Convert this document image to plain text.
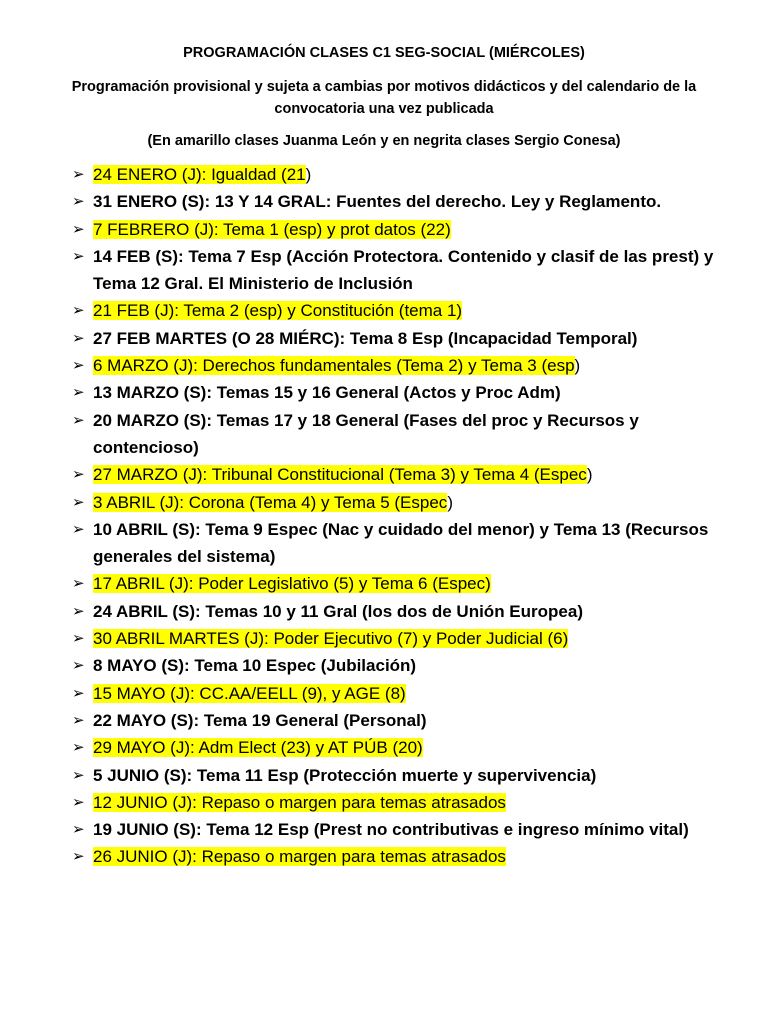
PROGRAMACIÓN CLASES C1 SEG-SOCIAL (MIÉRCOLES)
Programación provisional y sujeta a cambias por motivos didácticos y del calendario de la convocatoria una vez publicada
(En amarillo clases Juanma León y en negrita clases Sergio Conesa)
➢ 24 ENERO (J): Igualdad (21)
➢ 31 ENERO (S): 13 Y 14 GRAL: Fuentes del derecho. Ley y Reglamento.
➢ 7 FEBRERO (J): Tema 1 (esp) y prot datos (22)
➢ 14 FEB (S): Tema 7 Esp (Acción Protectora. Contenido y clasif de las prest) y Tema 12 Gral. El Ministerio de Inclusión
➢ 21 FEB (J): Tema 2 (esp) y Constitución (tema 1)
➢ 27 FEB MARTES (O 28 MIÉRC): Tema 8 Esp (Incapacidad Temporal)
➢ 6 MARZO (J): Derechos fundamentales (Tema 2) y Tema 3 (esp)
➢ 13 MARZO (S): Temas 15 y 16 General (Actos y Proc Adm)
➢ 20 MARZO (S): Temas 17 y 18 General (Fases del proc y Recursos y contencioso)
➢ 27 MARZO (J): Tribunal Constitucional (Tema 3) y Tema 4 (Espec)
➢ 3 ABRIL (J): Corona (Tema 4) y Tema 5 (Espec)
➢ 10 ABRIL (S): Tema 9 Espec (Nac y cuidado del menor) y Tema 13 (Recursos generales del sistema)
➢ 17 ABRIL (J): Poder Legislativo (5) y Tema 6 (Espec)
➢ 24 ABRIL (S): Temas 10 y 11 Gral (los dos de Unión Europea)
➢ 30 ABRIL MARTES (J): Poder Ejecutivo (7) y Poder Judicial (6)
➢ 8 MAYO (S): Tema 10 Espec (Jubilación)
➢ 15 MAYO (J): CC.AA/EELL (9), y AGE (8)
➢ 22 MAYO (S): Tema 19 General (Personal)
➢ 29 MAYO (J): Adm Elect (23) y AT PÚB (20)
➢ 5 JUNIO (S): Tema 11 Esp (Protección muerte y supervivencia)
➢ 12 JUNIO (J): Repaso o margen para temas atrasados
➢ 19 JUNIO (S): Tema 12 Esp (Prest no contributivas e ingreso mínimo vital)
➢ 26 JUNIO (J): Repaso o margen para temas atrasados
